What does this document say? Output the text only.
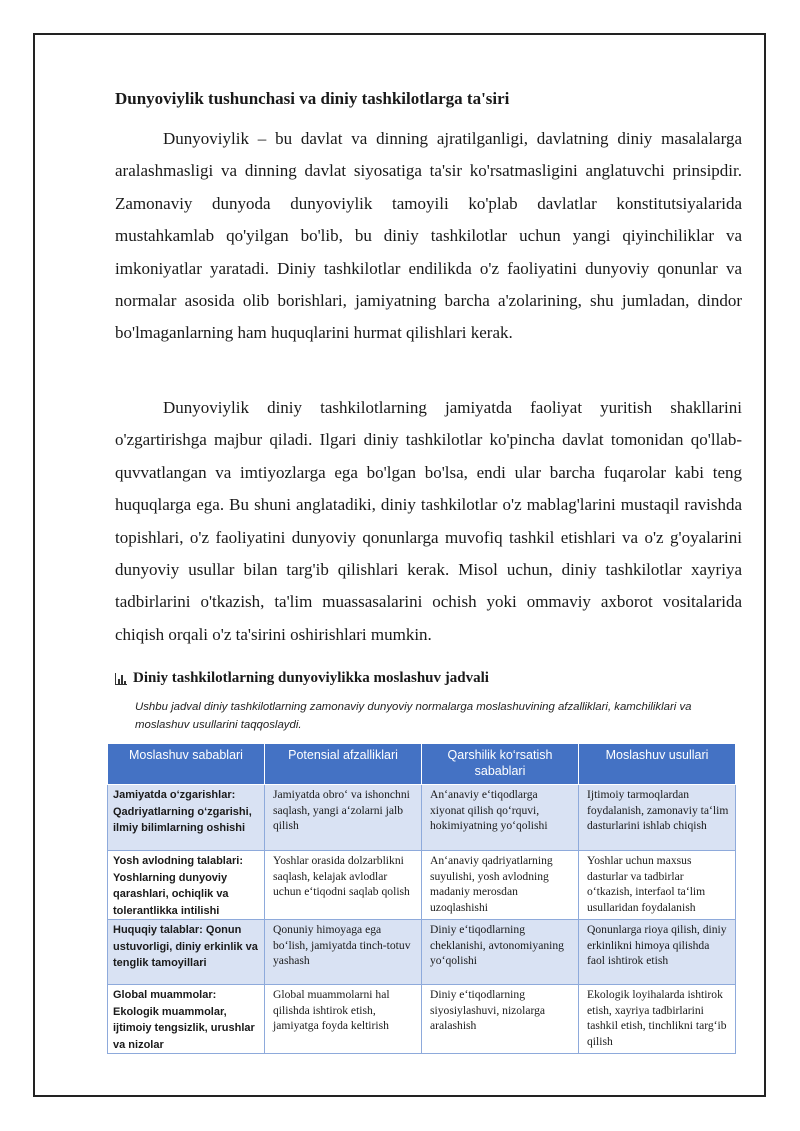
Dunyoviylik tushunchasi va diniy tashkilotlarga ta'siri

Dunyoviylik – bu davlat va dinning ajratilganligi, davlatning diniy masalalarga aralashmasligi va dinning davlat siyosatiga ta'sir ko'rsatmasligini anglatuvchi prinsipdir. Zamonaviy dunyoda dunyoviylik tamoyili ko'plab davlatlar konstitutsiyalarida mustahkamlab qo'yilgan bo'lib, bu diniy tashkilotlar uchun yangi qiyinchiliklar va imkoniyatlar yaratadi. Diniy tashkilotlar endilikda o'z faoliyatini dunyoviy qonunlar va normalar asosida olib borishlari, jamiyatning barcha a'zolarining, shu jumladan, dindor bo'lmaganlarning ham huquqlarini hurmat qilishlari kerak.

Dunyoviylik diniy tashkilotlarning jamiyatda faoliyat yuritish shakllarini o'zgartirishga majbur qiladi. Ilgari diniy tashkilotlar ko'pincha davlat tomonidan qo'llab-quvvatlangan va imtiyozlarga ega bo'lgan bo'lsa, endi ular barcha fuqarolar kabi teng huquqlarga ega. Bu shuni anglatadiki, diniy tashkilotlar o'z mablag'larini mustaqil ravishda topishlari, o'z faoliyatini dunyoviy qonunlarga muvofiq tashkil etishlari va o'z g'oyalarini dunyoviy usullar bilan targ'ib qilishlari kerak. Misol uchun, diniy tashkilotlar xayriya tadbirlarini o'tkazish, ta'lim muassasalarini ochish yoki ommaviy axborot vositalarida chiqish orqali o'z ta'sirini oshirishlari mumkin.

Diniy tashkilotlarning dunyoviylikka moslashuv jadvali
Ushbu jadval diniy tashkilotlarning zamonaviy dunyoviy normalarga moslashuvining afzalliklari, kamchiliklari va moslashuv usullarini taqqoslaydi.
Moslashuv sabablari	Potensial afzalliklari	Qarshilik ko‘rsatish sabablari	Moslashuv usullari
Jamiyatda o‘zgarishlar: Qadriyatlarning o‘zgarishi, ilmiy bilimlarning oshishi	Jamiyatda obro‘ va ishonchni saqlash, yangi a‘zolarni jalb qilish	An‘anaviy e‘tiqodlarga xiyonat qilish qo‘rquvi, hokimiyatning yo‘qolishi	Ijtimoiy tarmoqlardan foydalanish, zamonaviy ta‘lim dasturlarini ishlab chiqish
Yosh avlodning talablari: Yoshlarning dunyoviy qarashlari, ochiqlik va tolerantlikka intilishi	Yoshlar orasida dolzarblikni saqlash, kelajak avlodlar uchun e‘tiqodni saqlab qolish	An‘anaviy qadriyatlarning suyulishi, yosh avlodning madaniy merosdan uzoqlashishi	Yoshlar uchun maxsus dasturlar va tadbirlar o‘tkazish, interfaol ta‘lim usullaridan foydalanish
Huquqiy talablar: Qonun ustuvorligi, diniy erkinlik va tenglik tamoyillari	Qonuniy himoyaga ega bo‘lish, jamiyatda tinch-totuv yashash	Diniy e‘tiqodlarning cheklanishi, avtonomiyaning yo‘qolishi	Qonunlarga rioya qilish, diniy erkinlikni himoya qilishda faol ishtirok etish
Global muammolar: Ekologik muammolar, ijtimoiy tengsizlik, urushlar va nizolar	Global muammolarni hal qilishda ishtirok etish, jamiyatga foyda keltirish	Diniy e‘tiqodlarning siyosiylashuvi, nizolarga aralashish	Ekologik loyihalarda ishtirok etish, xayriya tadbirlarini tashkil etish, tinchlikni targ‘ib qilish
